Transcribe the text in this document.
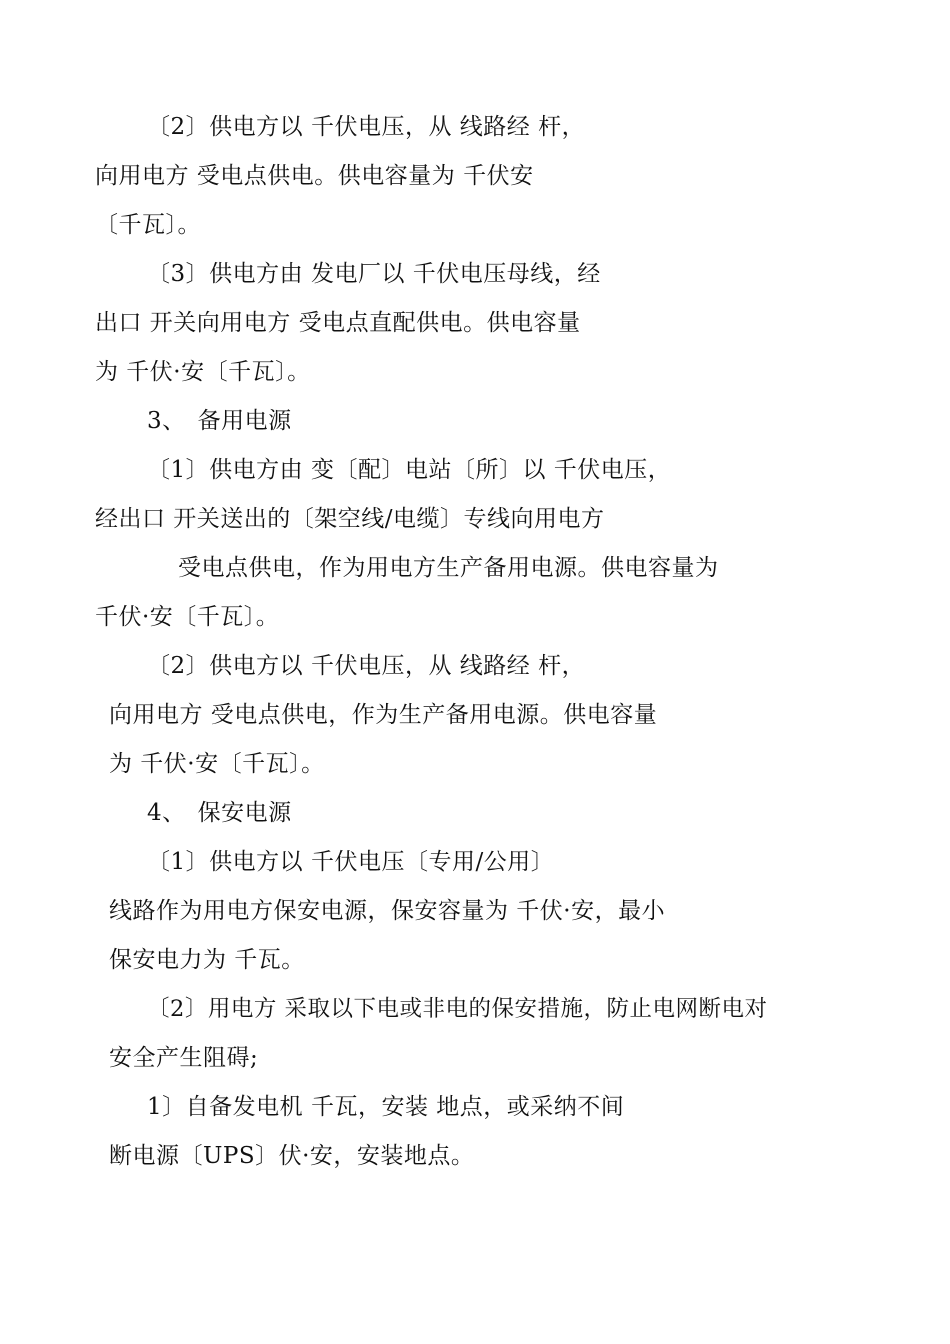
〔2〕供电方以 千伏电压，从 线路经 杆，
向用电方 受电点供电。供电容量为 千伏安
〔千瓦〕。
〔3〕供电方由 发电厂以 千伏电压母线，经
出口 开关向用电方 受电点直配供电。供电容量
为 千伏·安〔千瓦〕。
3、　备用电源
〔1〕供电方由 变〔配〕电站〔所〕以 千伏电压，
经出口 开关送出的〔架空线/电缆〕专线向用电方
受电点供电，作为用电方生产备用电源。供电容量为
千伏·安〔千瓦〕。
〔2〕供电方以 千伏电压，从 线路经 杆，
向用电方 受电点供电，作为生产备用电源。供电容量
为 千伏·安〔千瓦〕。
4、　保安电源
〔1〕供电方以 千伏电压〔专用/公用〕
线路作为用电方保安电源，保安容量为 千伏·安，最小
保安电力为 千瓦。
〔2〕用电方 采取以下电或非电的保安措施，防止电网断电对
安全产生阻碍;
1〕自备发电机 千瓦，安装 地点，或采纳不间
断电源〔UPS〕伏·安，安装地点。
